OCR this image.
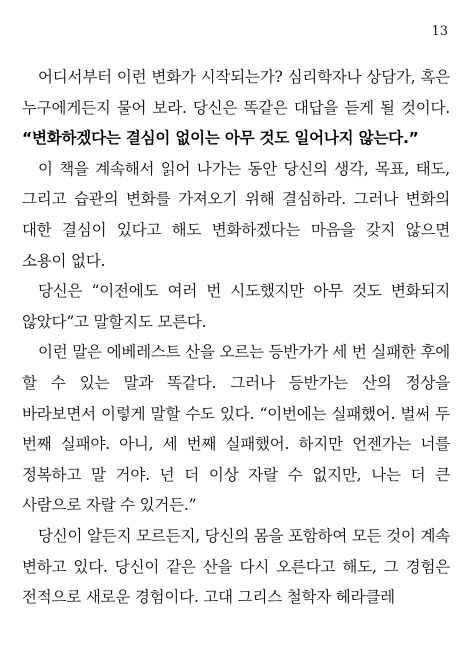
13

어디서부터 이런 변화가 시작되는가? 심리학자나 상담가, 혹은 누구에게든지 물어 보라. 당신은 똑같은 대답을 듣게 될 것이다. “변화하겠다는 결심이 없이는 아무 것도 일어나지 않는다.”

이 책을 계속해서 읽어 나가는 동안 당신의 생각, 목표, 태도, 그리고 습관의 변화를 가져오기 위해 결심하라. 그러나 변화의 대한 결심이 있다고 해도 변화하겠다는 마음을 갖지 않으면 소용이 없다.

당신은 “이전에도 여러 번 시도했지만 아무 것도 변화되지 않았다”고 말할지도 모른다.

이런 말은 에베레스트 산을 오르는 등반가가 세 번 실패한 후에 할 수 있는 말과 똑같다. 그러나 등반가는 산의 정상을 바라보면서 이렇게 말할 수도 있다. “이번에는 실패했어. 벌써 두 번째 실패야. 아니, 세 번째 실패했어. 하지만 언젠가는 너를 정복하고 말 거야. 넌 더 이상 자랄 수 없지만, 나는 더 큰 사람으로 자랄 수 있거든.”

당신이 알든지 모르든지, 당신의 몸을 포함하여 모든 것이 계속 변하고 있다. 당신이 같은 산을 다시 오른다고 해도, 그 경험은 전적으로 새로운 경험이다. 고대 그리스 철학자 헤라클레
